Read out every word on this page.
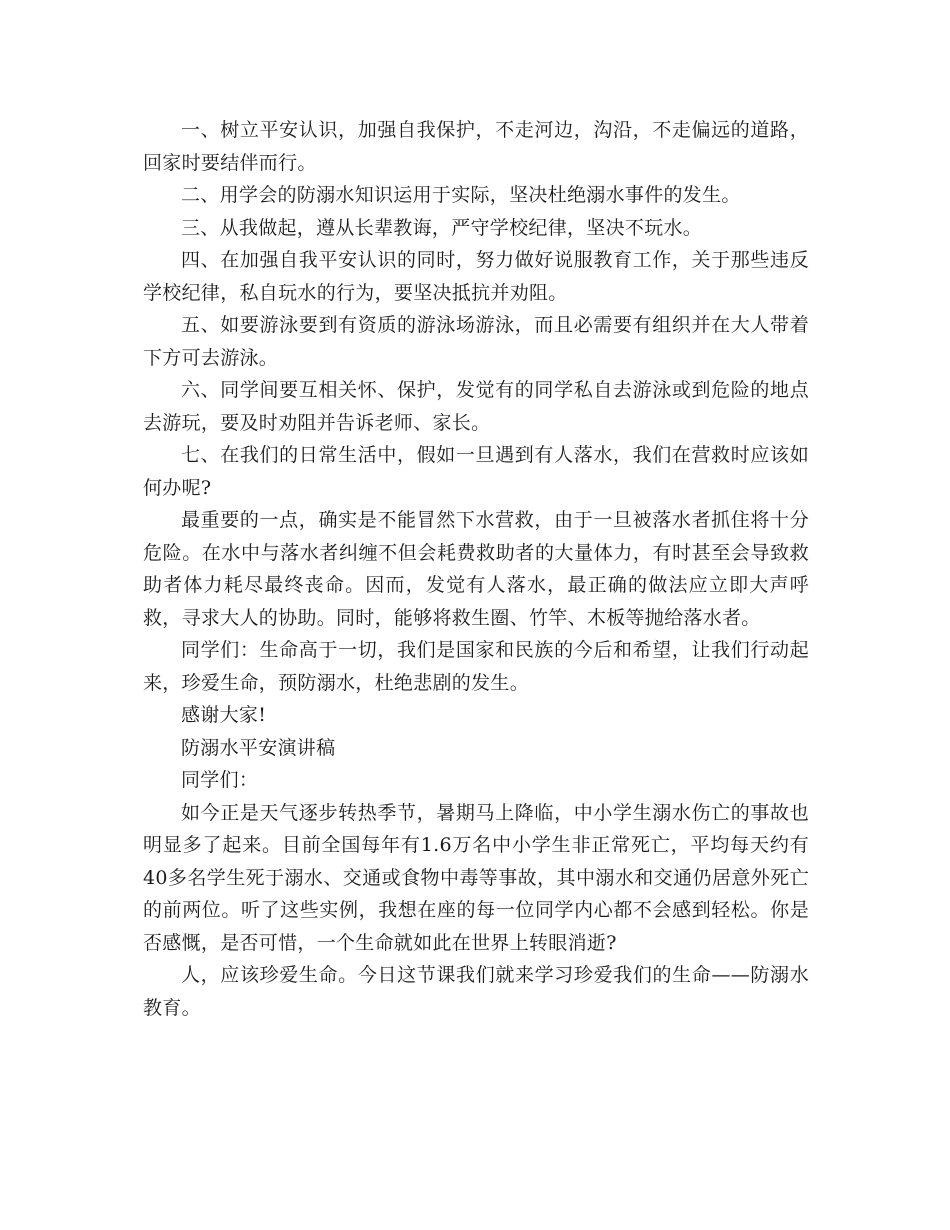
一、树立平安认识，加强自我保护，不走河边，沟沿，不走偏远的道路，回家时要结伴而行。

二、用学会的防溺水知识运用于实际，坚决杜绝溺水事件的发生。

三、从我做起，遵从长辈教诲，严守学校纪律，坚决不玩水。

四、在加强自我平安认识的同时，努力做好说服教育工作，关于那些违反学校纪律，私自玩水的行为，要坚决抵抗并劝阻。

五、如要游泳要到有资质的游泳场游泳，而且必需要有组织并在大人带着下方可去游泳。

六、同学间要互相关怀、保护，发觉有的同学私自去游泳或到危险的地点去游玩，要及时劝阻并告诉老师、家长。

七、在我们的日常生活中，假如一旦遇到有人落水，我们在营救时应该如何办呢?

最重要的一点，确实是不能冒然下水营救，由于一旦被落水者抓住将十分危险。在水中与落水者纠缠不但会耗费救助者的大量体力，有时甚至会导致救助者体力耗尽最终丧命。因而，发觉有人落水，最正确的做法应立即大声呼救，寻求大人的协助。同时，能够将救生圈、竹竿、木板等抛给落水者。

同学们：生命高于一切，我们是国家和民族的今后和希望，让我们行动起来，珍爱生命，预防溺水，杜绝悲剧的发生。

感谢大家!

防溺水平安演讲稿

同学们：

如今正是天气逐步转热季节，暑期马上降临，中小学生溺水伤亡的事故也明显多了起来。目前全国每年有1.6万名中小学生非正常死亡，平均每天约有40多名学生死于溺水、交通或食物中毒等事故，其中溺水和交通仍居意外死亡的前两位。听了这些实例，我想在座的每一位同学内心都不会感到轻松。你是否感慨，是否可惜，一个生命就如此在世界上转眼消逝?

人，应该珍爱生命。今日这节课我们就来学习珍爱我们的生命——防溺水教育。
